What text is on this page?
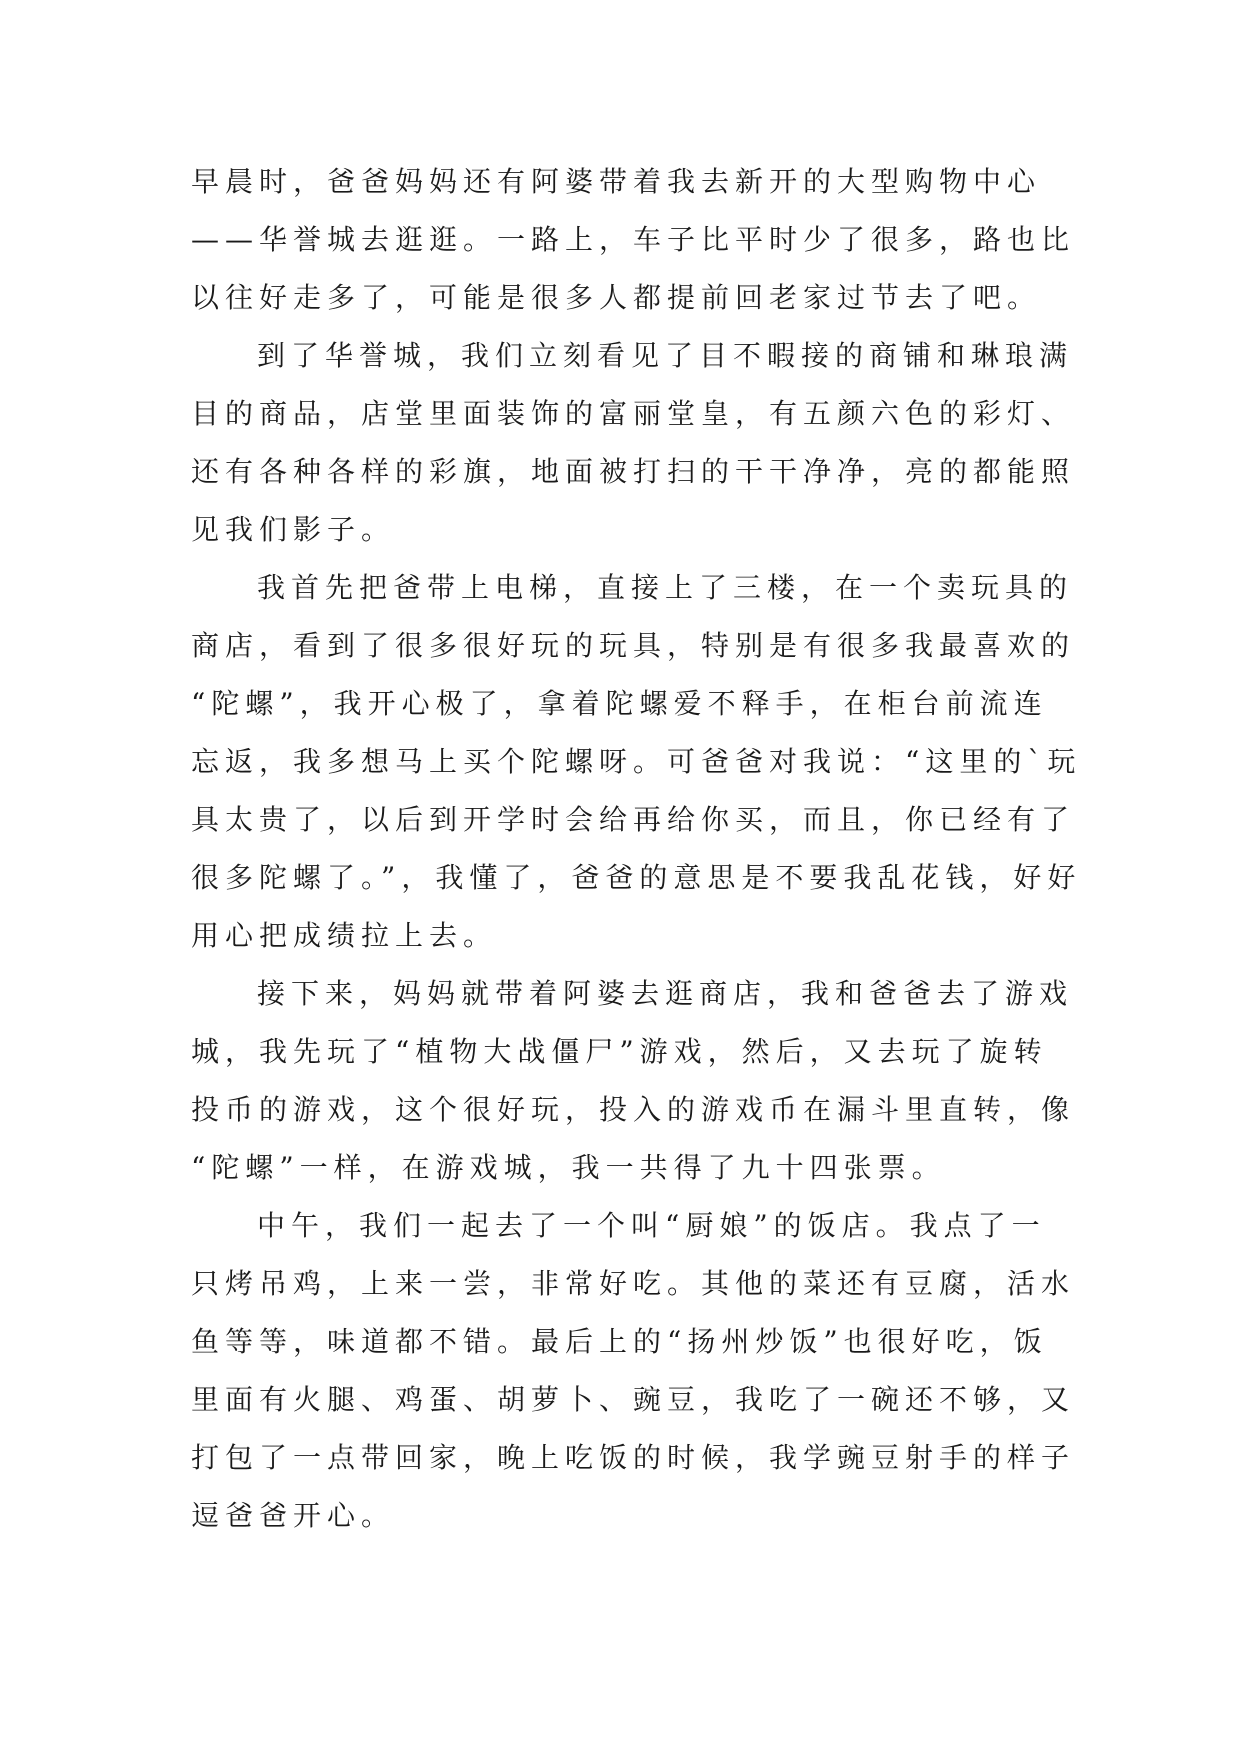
早晨时，爸爸妈妈还有阿婆带着我去新开的大型购物中心
——华誉城去逛逛。一路上，车子比平时少了很多，路也比
以往好走多了，可能是很多人都提前回老家过节去了吧。
到了华誉城，我们立刻看见了目不暇接的商铺和琳琅满
目的商品，店堂里面装饰的富丽堂皇，有五颜六色的彩灯、
还有各种各样的彩旗，地面被打扫的干干净净，亮的都能照
见我们影子。
我首先把爸带上电梯，直接上了三楼，在一个卖玩具的
商店，看到了很多很好玩的玩具，特别是有很多我最喜欢的
“陀螺”，我开心极了，拿着陀螺爱不释手，在柜台前流连
忘返，我多想马上买个陀螺呀。可爸爸对我说：“这里的`玩
具太贵了，以后到开学时会给再给你买，而且，你已经有了
很多陀螺了。”，我懂了，爸爸的意思是不要我乱花钱，好好
用心把成绩拉上去。
接下来，妈妈就带着阿婆去逛商店，我和爸爸去了游戏
城，我先玩了“植物大战僵尸”游戏，然后，又去玩了旋转
投币的游戏，这个很好玩，投入的游戏币在漏斗里直转，像
“陀螺”一样，在游戏城，我一共得了九十四张票。
中午，我们一起去了一个叫“厨娘”的饭店。我点了一
只烤吊鸡，上来一尝，非常好吃。其他的菜还有豆腐，活水
鱼等等，味道都不错。最后上的“扬州炒饭”也很好吃，饭
里面有火腿、鸡蛋、胡萝卜、豌豆，我吃了一碗还不够，又
打包了一点带回家，晚上吃饭的时候，我学豌豆射手的样子
逗爸爸开心。
